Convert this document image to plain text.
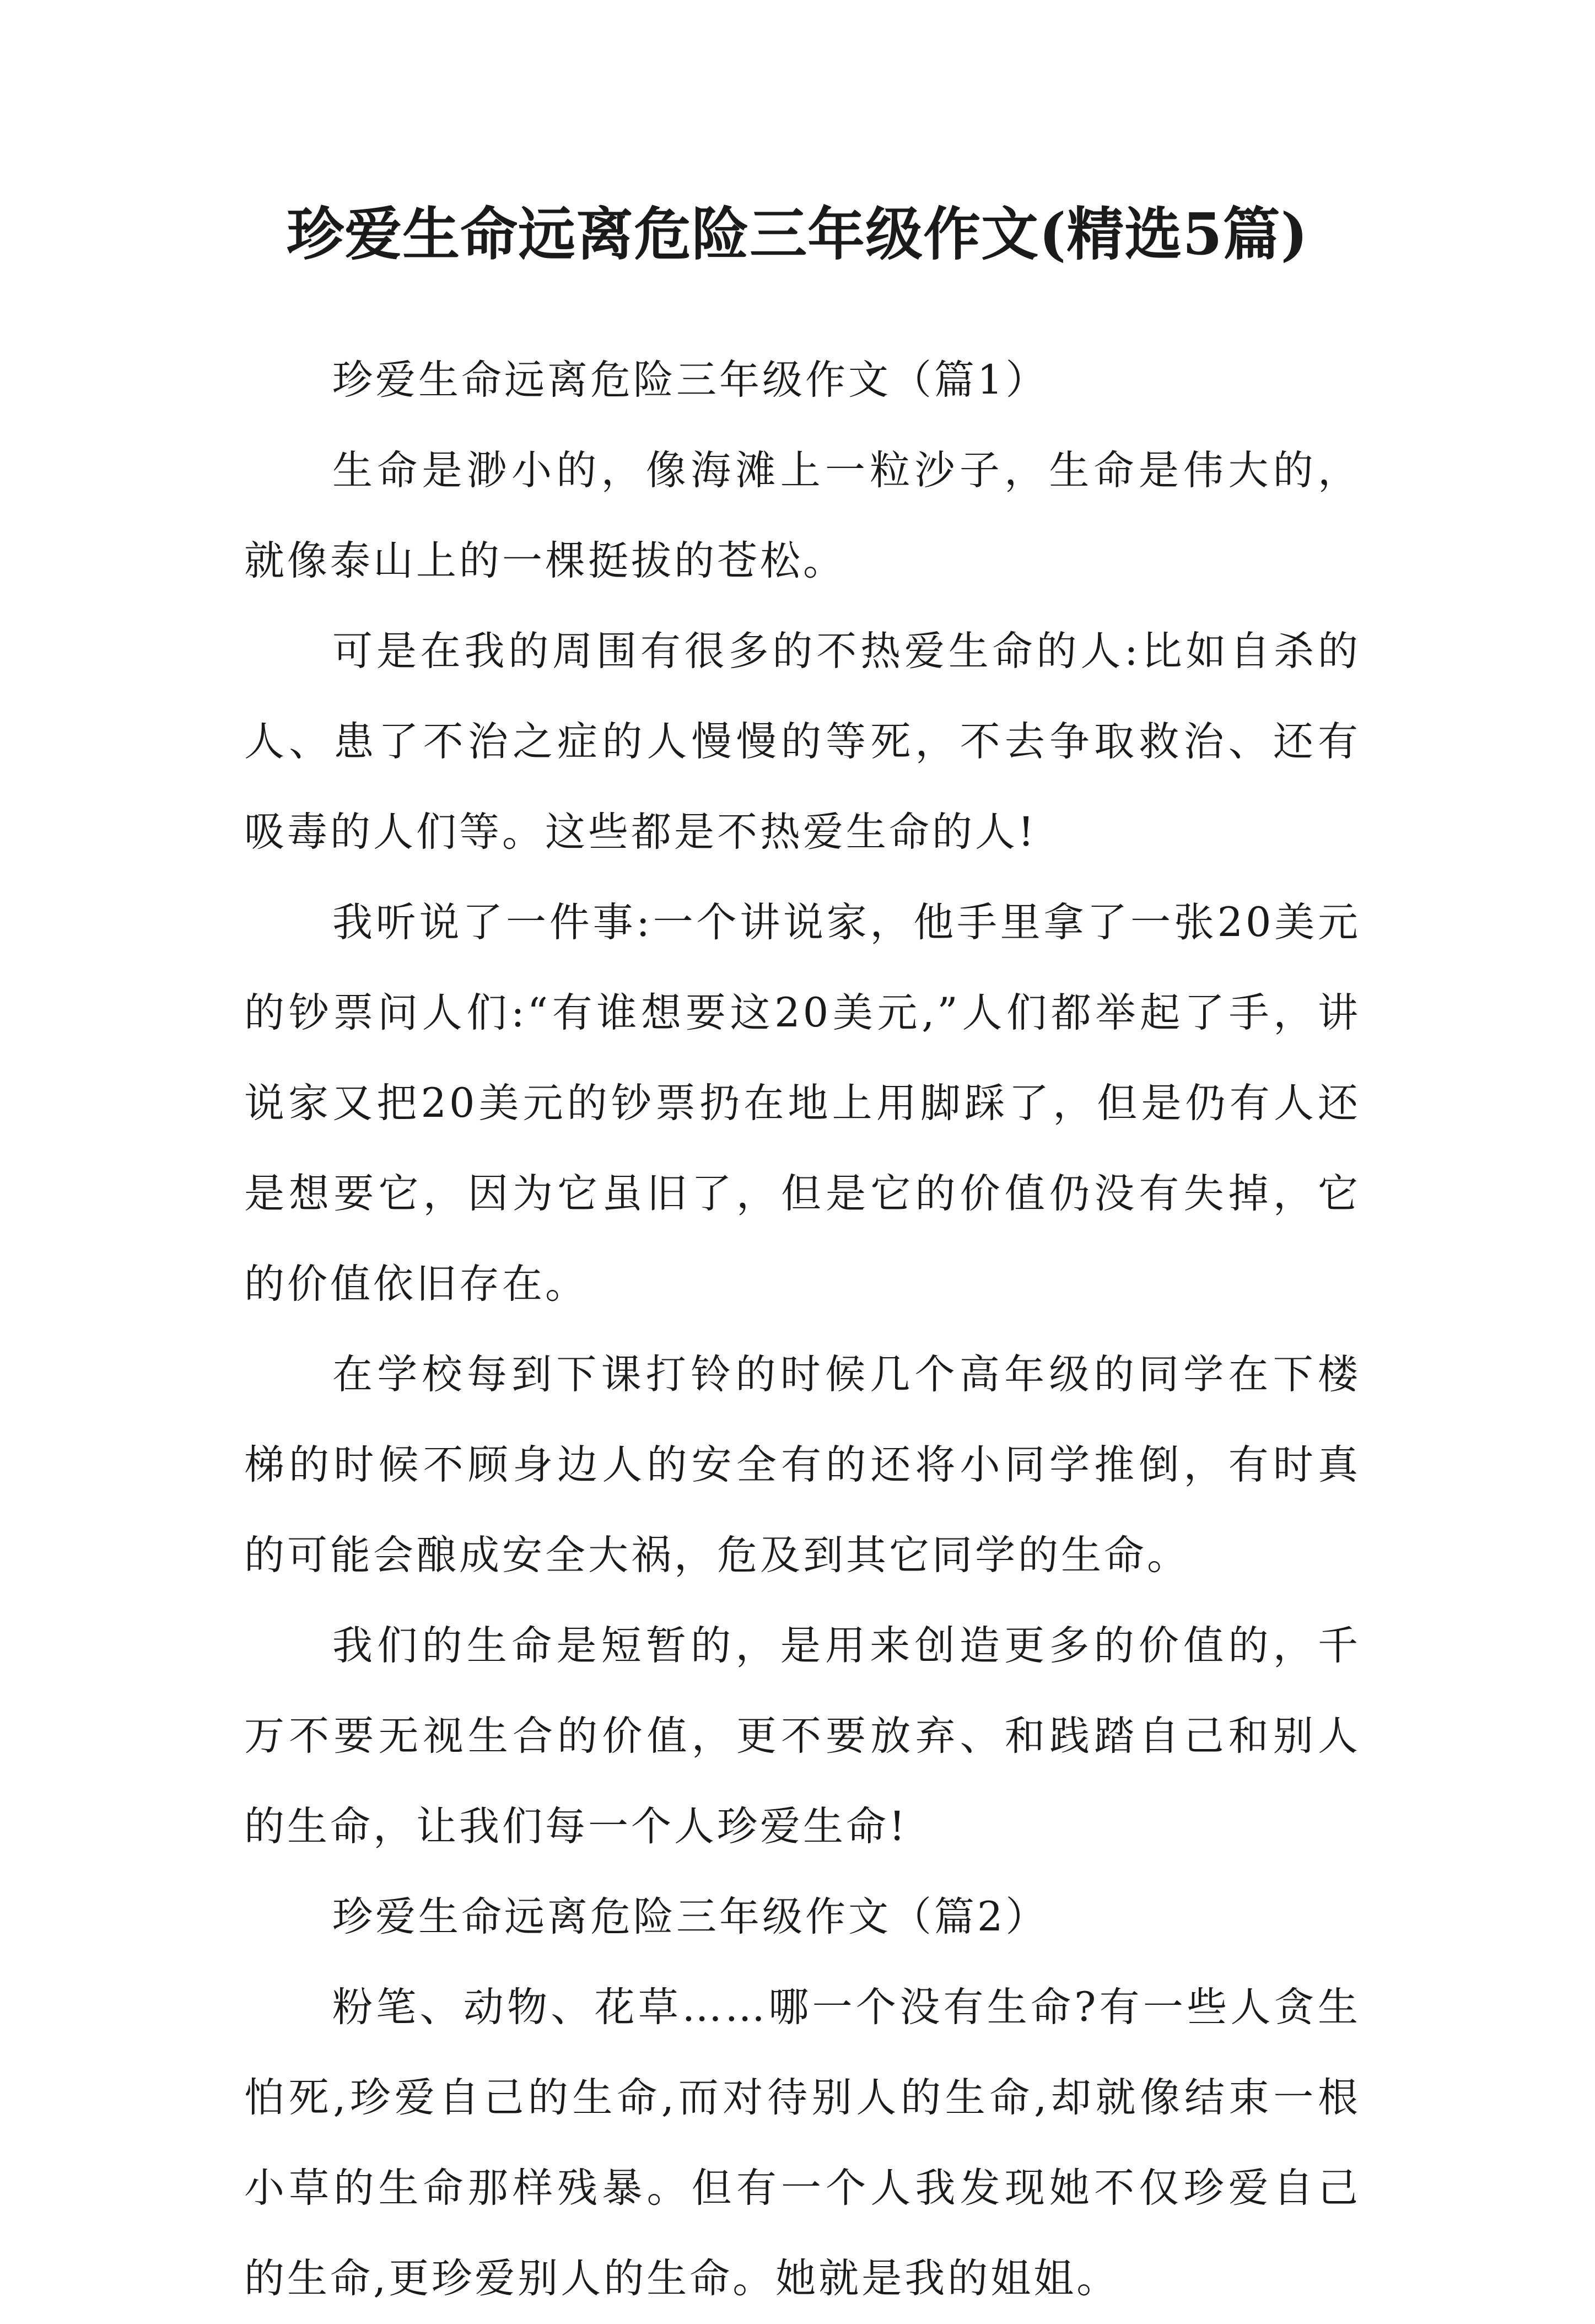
珍爱生命远离危险三年级作文(精选5篇)

珍爱生命远离危险三年级作文（篇1）

生命是渺小的，像海滩上一粒沙子，生命是伟大的，就像泰山上的一棵挺拔的苍松。

可是在我的周围有很多的不热爱生命的人:比如自杀的人、患了不治之症的人慢慢的等死，不去争取救治、还有吸毒的人们等。这些都是不热爱生命的人!

我听说了一件事:一个讲说家，他手里拿了一张20美元的钞票问人们:“有谁想要这20美元,”人们都举起了手，讲说家又把20美元的钞票扔在地上用脚踩了，但是仍有人还是想要它，因为它虽旧了，但是它的价值仍没有失掉，它的价值依旧存在。

在学校每到下课打铃的时候几个高年级的同学在下楼梯的时候不顾身边人的安全有的还将小同学推倒，有时真的可能会酿成安全大祸，危及到其它同学的生命。

我们的生命是短暂的，是用来创造更多的价值的，千万不要无视生合的价值，更不要放弃、和践踏自己和别人的生命，让我们每一个人珍爱生命!

珍爱生命远离危险三年级作文（篇2）

粉笔、动物、花草……哪一个没有生命?有一些人贪生怕死,珍爱自己的生命,而对待别人的生命,却就像结束一根小草的生命那样残暴。但有一个人我发现她不仅珍爱自己的生命,更珍爱别人的生命。她就是我的姐姐。
